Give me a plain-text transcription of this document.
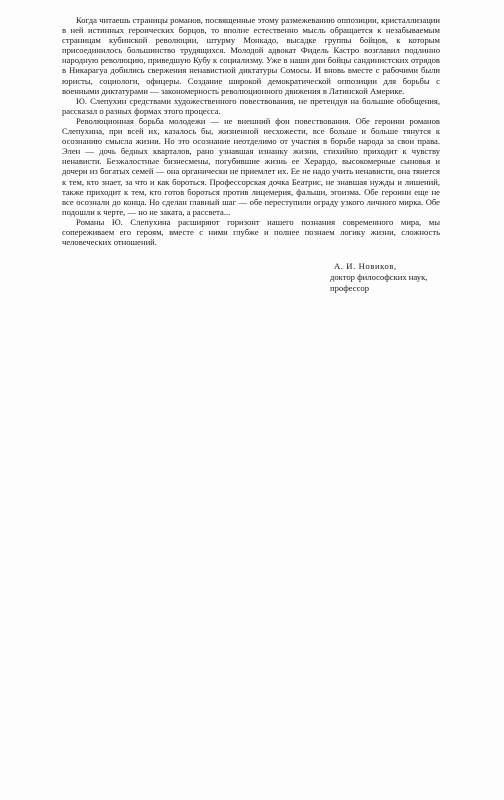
Когда читаешь страницы романов, посвященные этому размежеванию оппозиции, кристаллизации в ней истинных героических борцов, то вполне естественно мысль обращается к незабываемым страницам кубинской революции, штурму Монкадо, высадке группы бойцов, к которым присоединилось большинство трудящихся. Молодой адвокат Фидель Кастро возглавил подлинно народную революцию, приведшую Кубу к социализму. Уже в наши дни бойцы сандинистских отрядов в Никарагуа добились свержения ненавистной диктатуры Сомосы. И вновь вместе с рабочими были юристы, социологи, офицеры. Создание широкой демократической оппозиции для борьбы с военными диктатурами — закономерность революционного движения в Латинской Америке.

Ю. Слепухин средствами художественного повествования, не претендуя на большие обобщения, рассказал о разных формах этого процесса.

Революционная борьба молодежи — не внешний фон повествования. Обе героини романов Слепухина, при всей их, казалось бы, жизненной несхожести, все больше и больше тянутся к осознанию смысла жизни. Но это осознание неотделимо от участия в борьбе народа за свои права. Элен — дочь бедных кварталов, рано узнавшая изнанку жизни, стихийно приходит к чувству ненависти. Безжалостные бизнесмены, погубившие жизнь ее Херардо, высокомерные сыновья и дочери из богатых семей — она органически не приемлет их. Ее не надо учить ненависти, она тянется к тем, кто знает, за что и как бороться. Профессорская дочка Беатрис, не знавшая нужды и лишений, также приходит к тем, кто готов бороться против лицемерия, фальши, эгоизма. Обе героини еще не все осознали до конца. Но сделан главный шаг — обе переступили ограду узкого личного мирка. Обе подошли к черте, — но не заката, а рассвета...

Романы Ю. Слепухина расширяют горизонт нашего познания современного мира, мы сопереживаем его героям, вместе с ними глубже и полнее познаем логику жизни, сложность человеческих отношений.

А. И. Новиков,
доктор философских наук,
профессор
